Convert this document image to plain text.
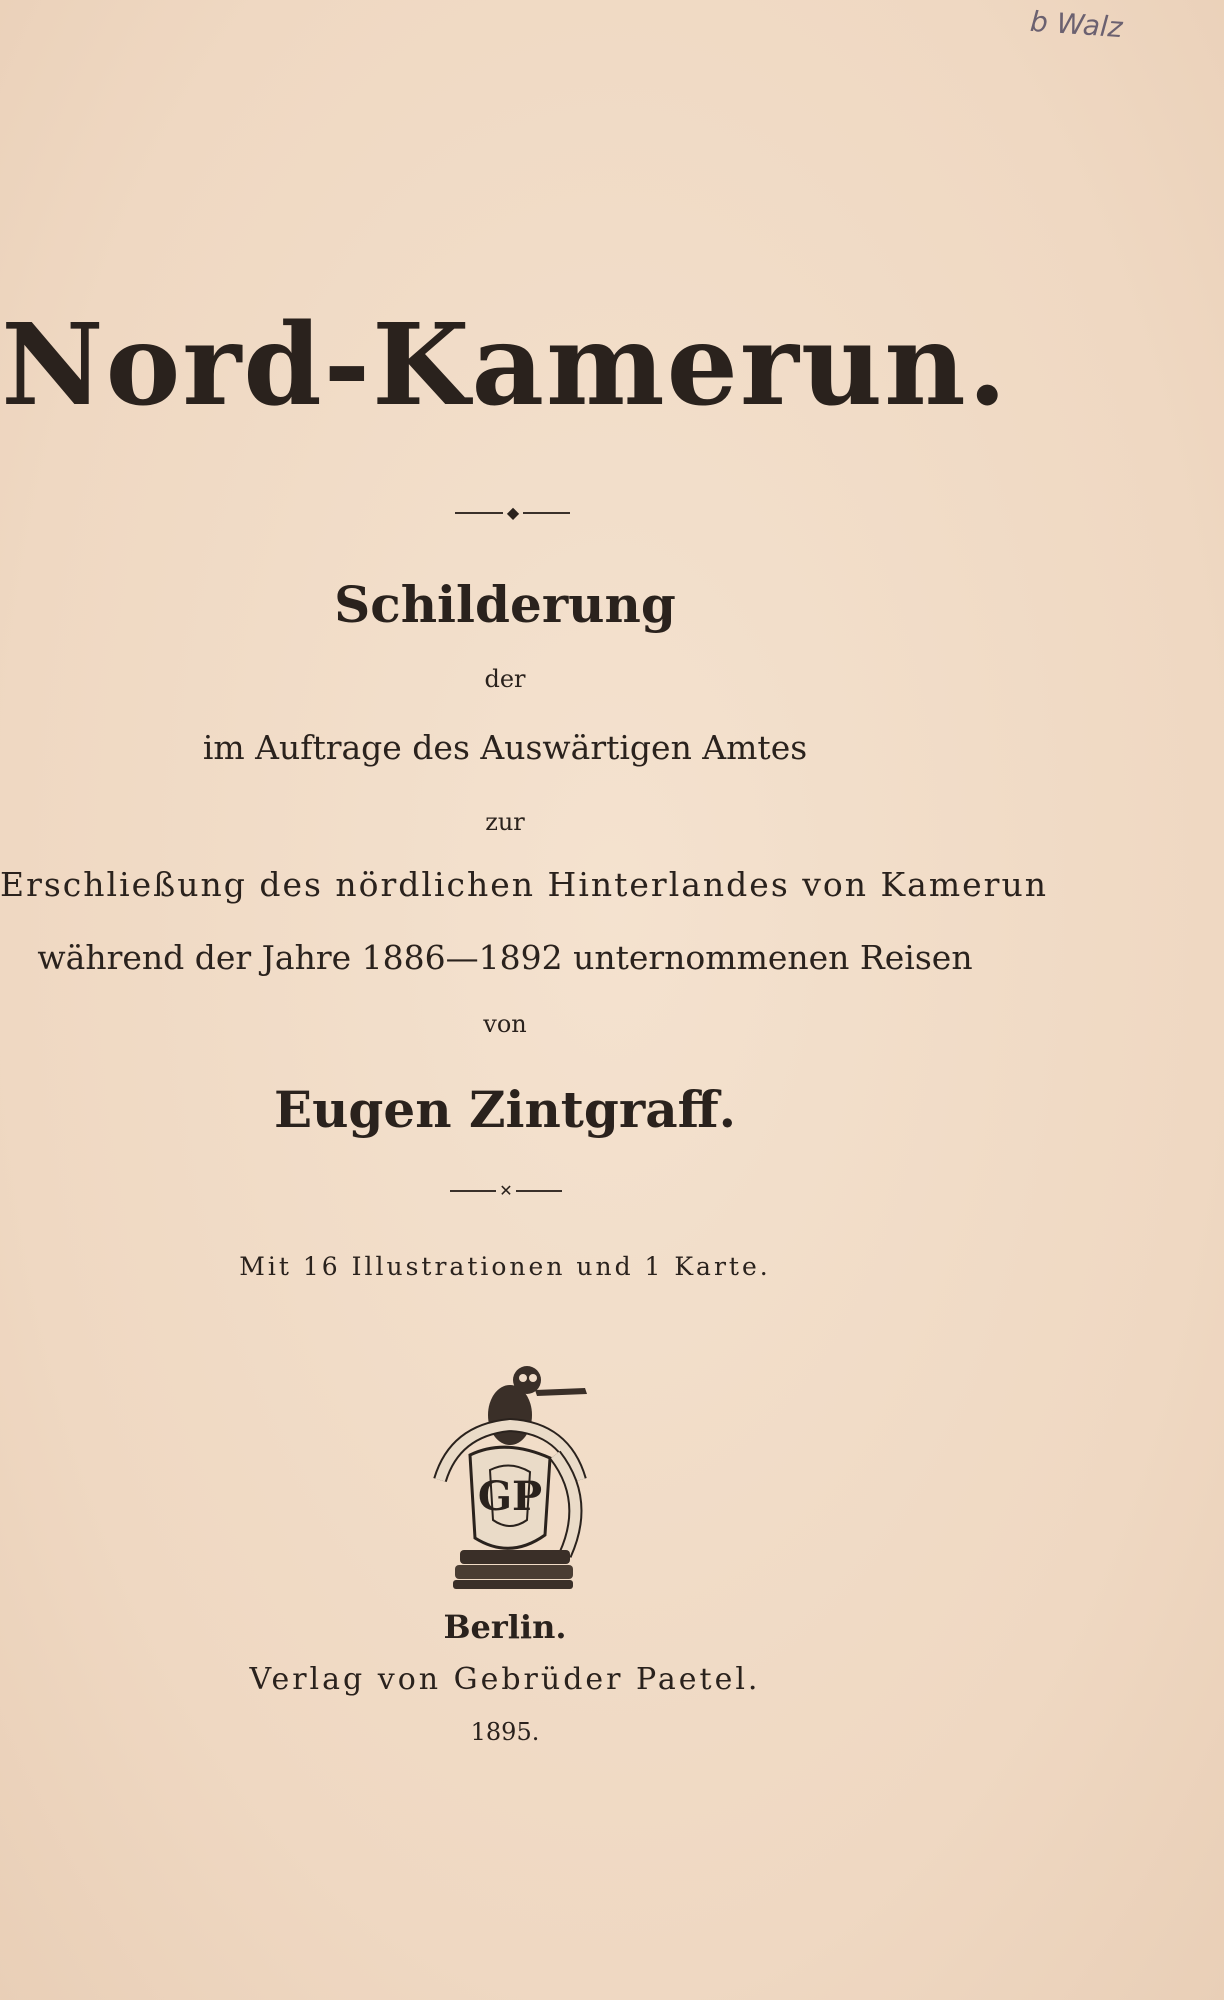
b Walz
Nord-Kamerun.
◆
Schilderung
der
im Auftrage des Auswärtigen Amtes
zur
Erschließung des nördlichen Hinterlandes von Kamerun
während der Jahre 1886—1892 unternommenen Reisen
von
Eugen Zintgraff.
✕
Mit 16 Illustrationen und 1 Karte.
GP
Berlin.
Verlag von Gebrüder Paetel.
1895.
